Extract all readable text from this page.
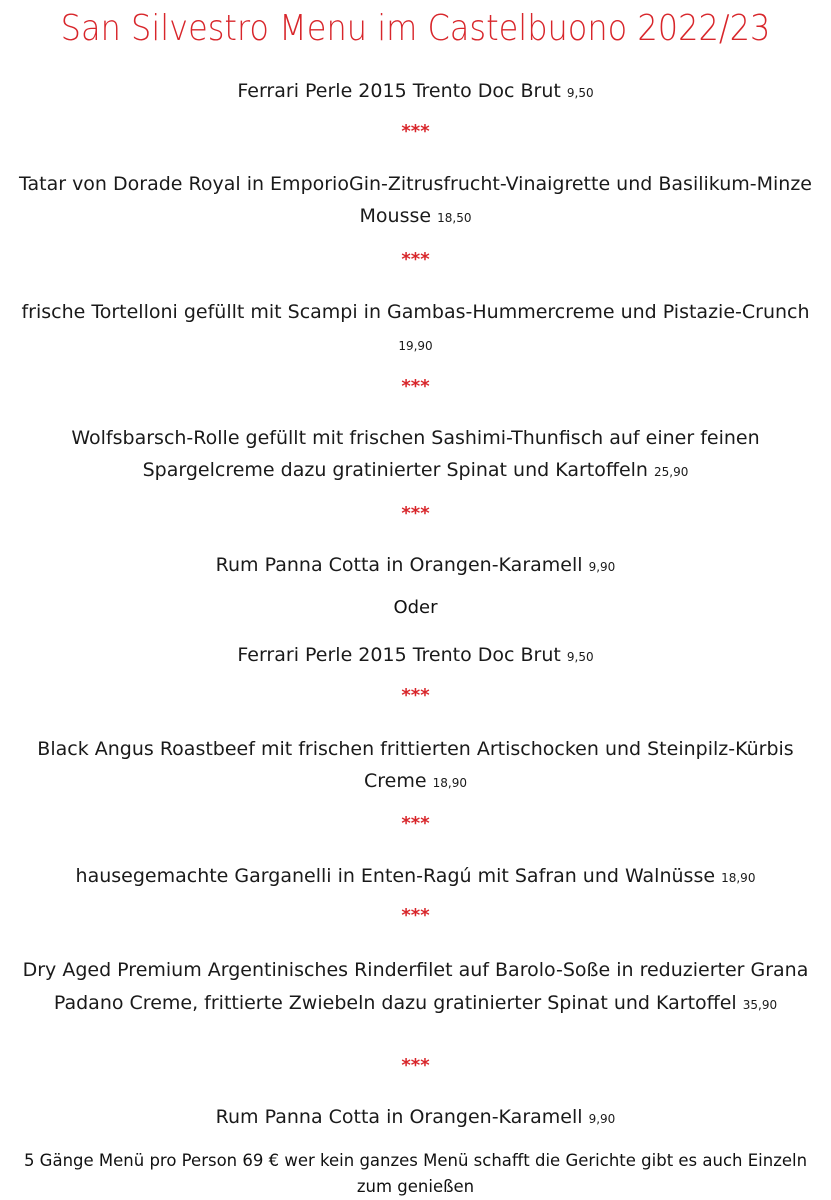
San Silvestro Menu im Castelbuono 2022/23
Ferrari Perle 2015 Trento Doc Brut 9,50
***
Tatar von Dorade Royal in EmporioGin-Zitrusfrucht-Vinaigrette und Basilikum-Minze Mousse 18,50
***
frische Tortelloni gefüllt mit Scampi in Gambas-Hummercreme und Pistazie-Crunch 19,90
***
Wolfsbarsch-Rolle gefüllt mit frischen Sashimi-Thunfisch auf einer feinen Spargelcreme dazu gratinierter Spinat und Kartoffeln 25,90
***
Rum Panna Cotta in Orangen-Karamell 9,90
Oder
Ferrari Perle 2015 Trento Doc Brut 9,50
***
Black Angus Roastbeef mit frischen frittierten Artischocken und Steinpilz-Kürbis Creme 18,90
***
hausegemachte Garganelli in Enten-Ragú mit Safran und Walnüsse 18,90
***
Dry Aged Premium Argentinisches Rinderfilet auf Barolo-Soße in reduzierter Grana Padano Creme, frittierte Zwiebeln dazu gratinierter Spinat und Kartoffel 35,90
***
Rum Panna Cotta in Orangen-Karamell 9,90
5 Gänge Menü pro Person 69 € wer kein ganzes Menü schafft die Gerichte gibt es auch Einzeln zum genießen
